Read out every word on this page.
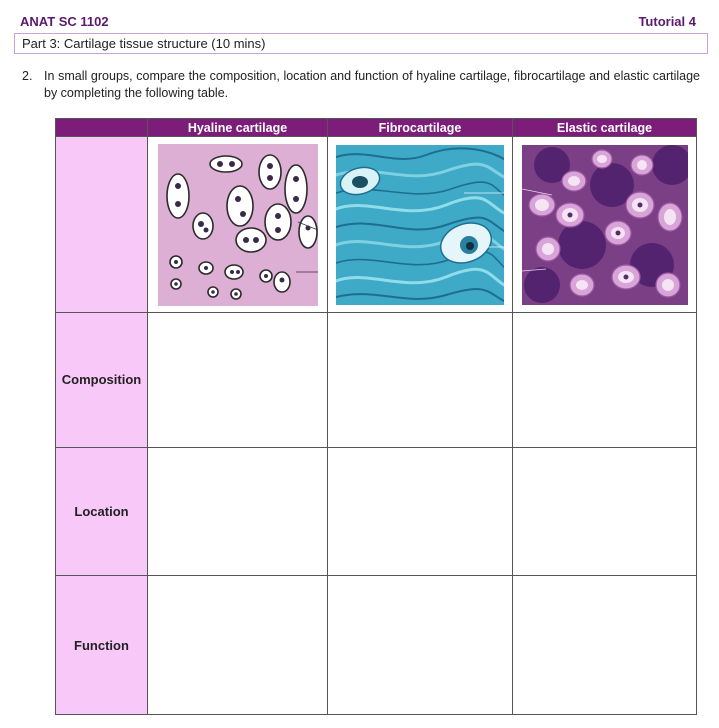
ANAT SC 1102	Tutorial 4
Part 3: Cartilage tissue structure (10 mins)
2. In small groups, compare the composition, location and function of hyaline cartilage, fibrocartilage and elastic cartilage by completing the following table.
	Hyaline cartilage	Fibrocartilage	Elastic cartilage

Composition			
Location			
Function			
